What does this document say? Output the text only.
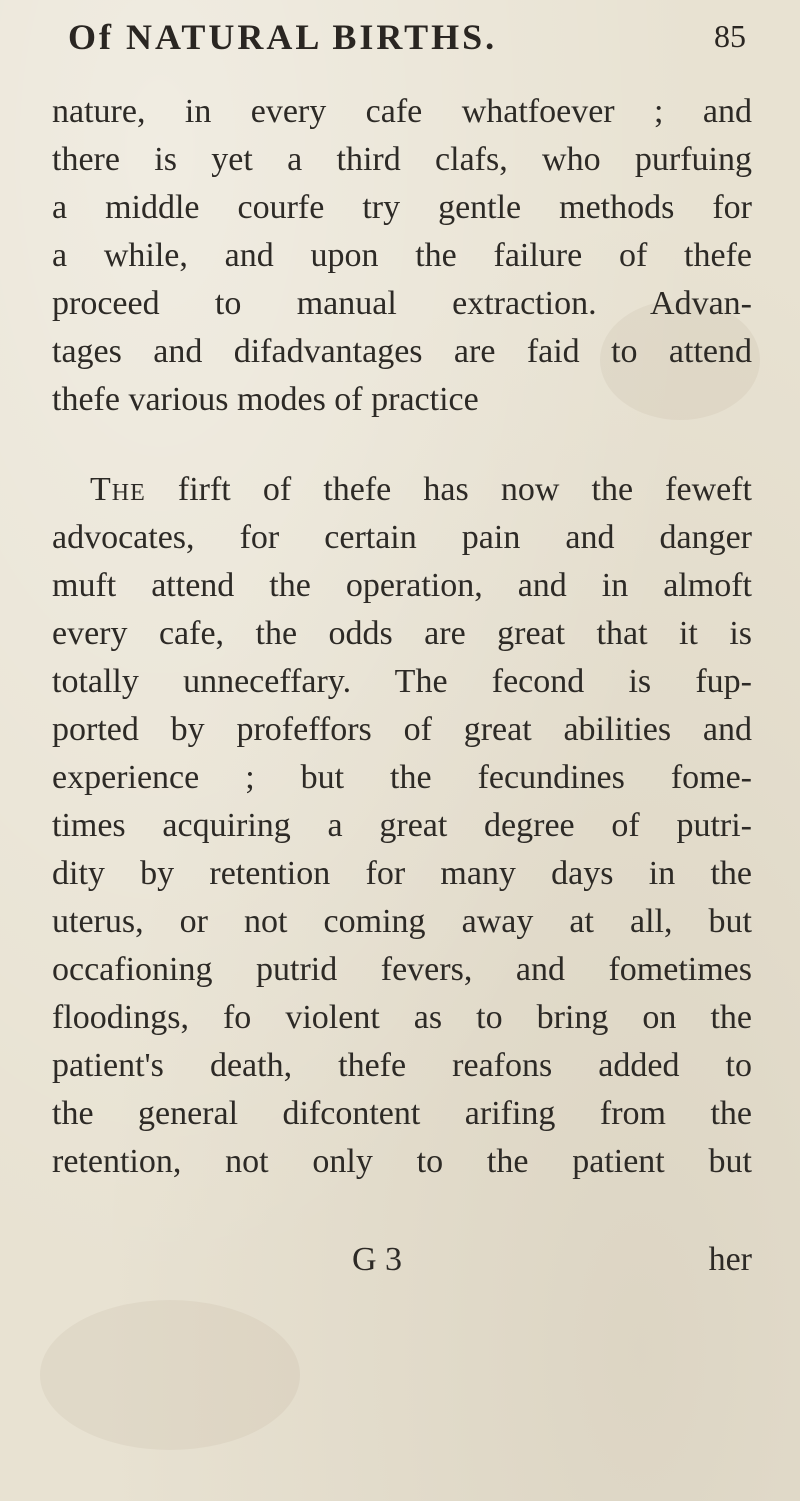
Of NATURAL BIRTHS.	85
nature, in every cafe whatfoever ; and
there is yet a third clafs, who purfuing
a middle courfe try gentle methods for
a while, and upon the failure of thefe
proceed to manual extraction. Advan-
tages and difadvantages are faid to attend
thefe various modes of practice
The firft of thefe has now the feweft
advocates, for certain pain and danger
muft attend the operation, and in almoft
every cafe, the odds are great that it is
totally unneceffary. The fecond is fup-
ported by profeffors of great abilities and
experience ; but the fecundines fome-
times acquiring a great degree of putri-
dity by retention for many days in the
uterus, or not coming away at all, but
occafioning putrid fevers, and fometimes
floodings, fo violent as to bring on the
patient's death, thefe reafons added to
the general difcontent arifing from the
retention, not only to the patient but
G 3	her
